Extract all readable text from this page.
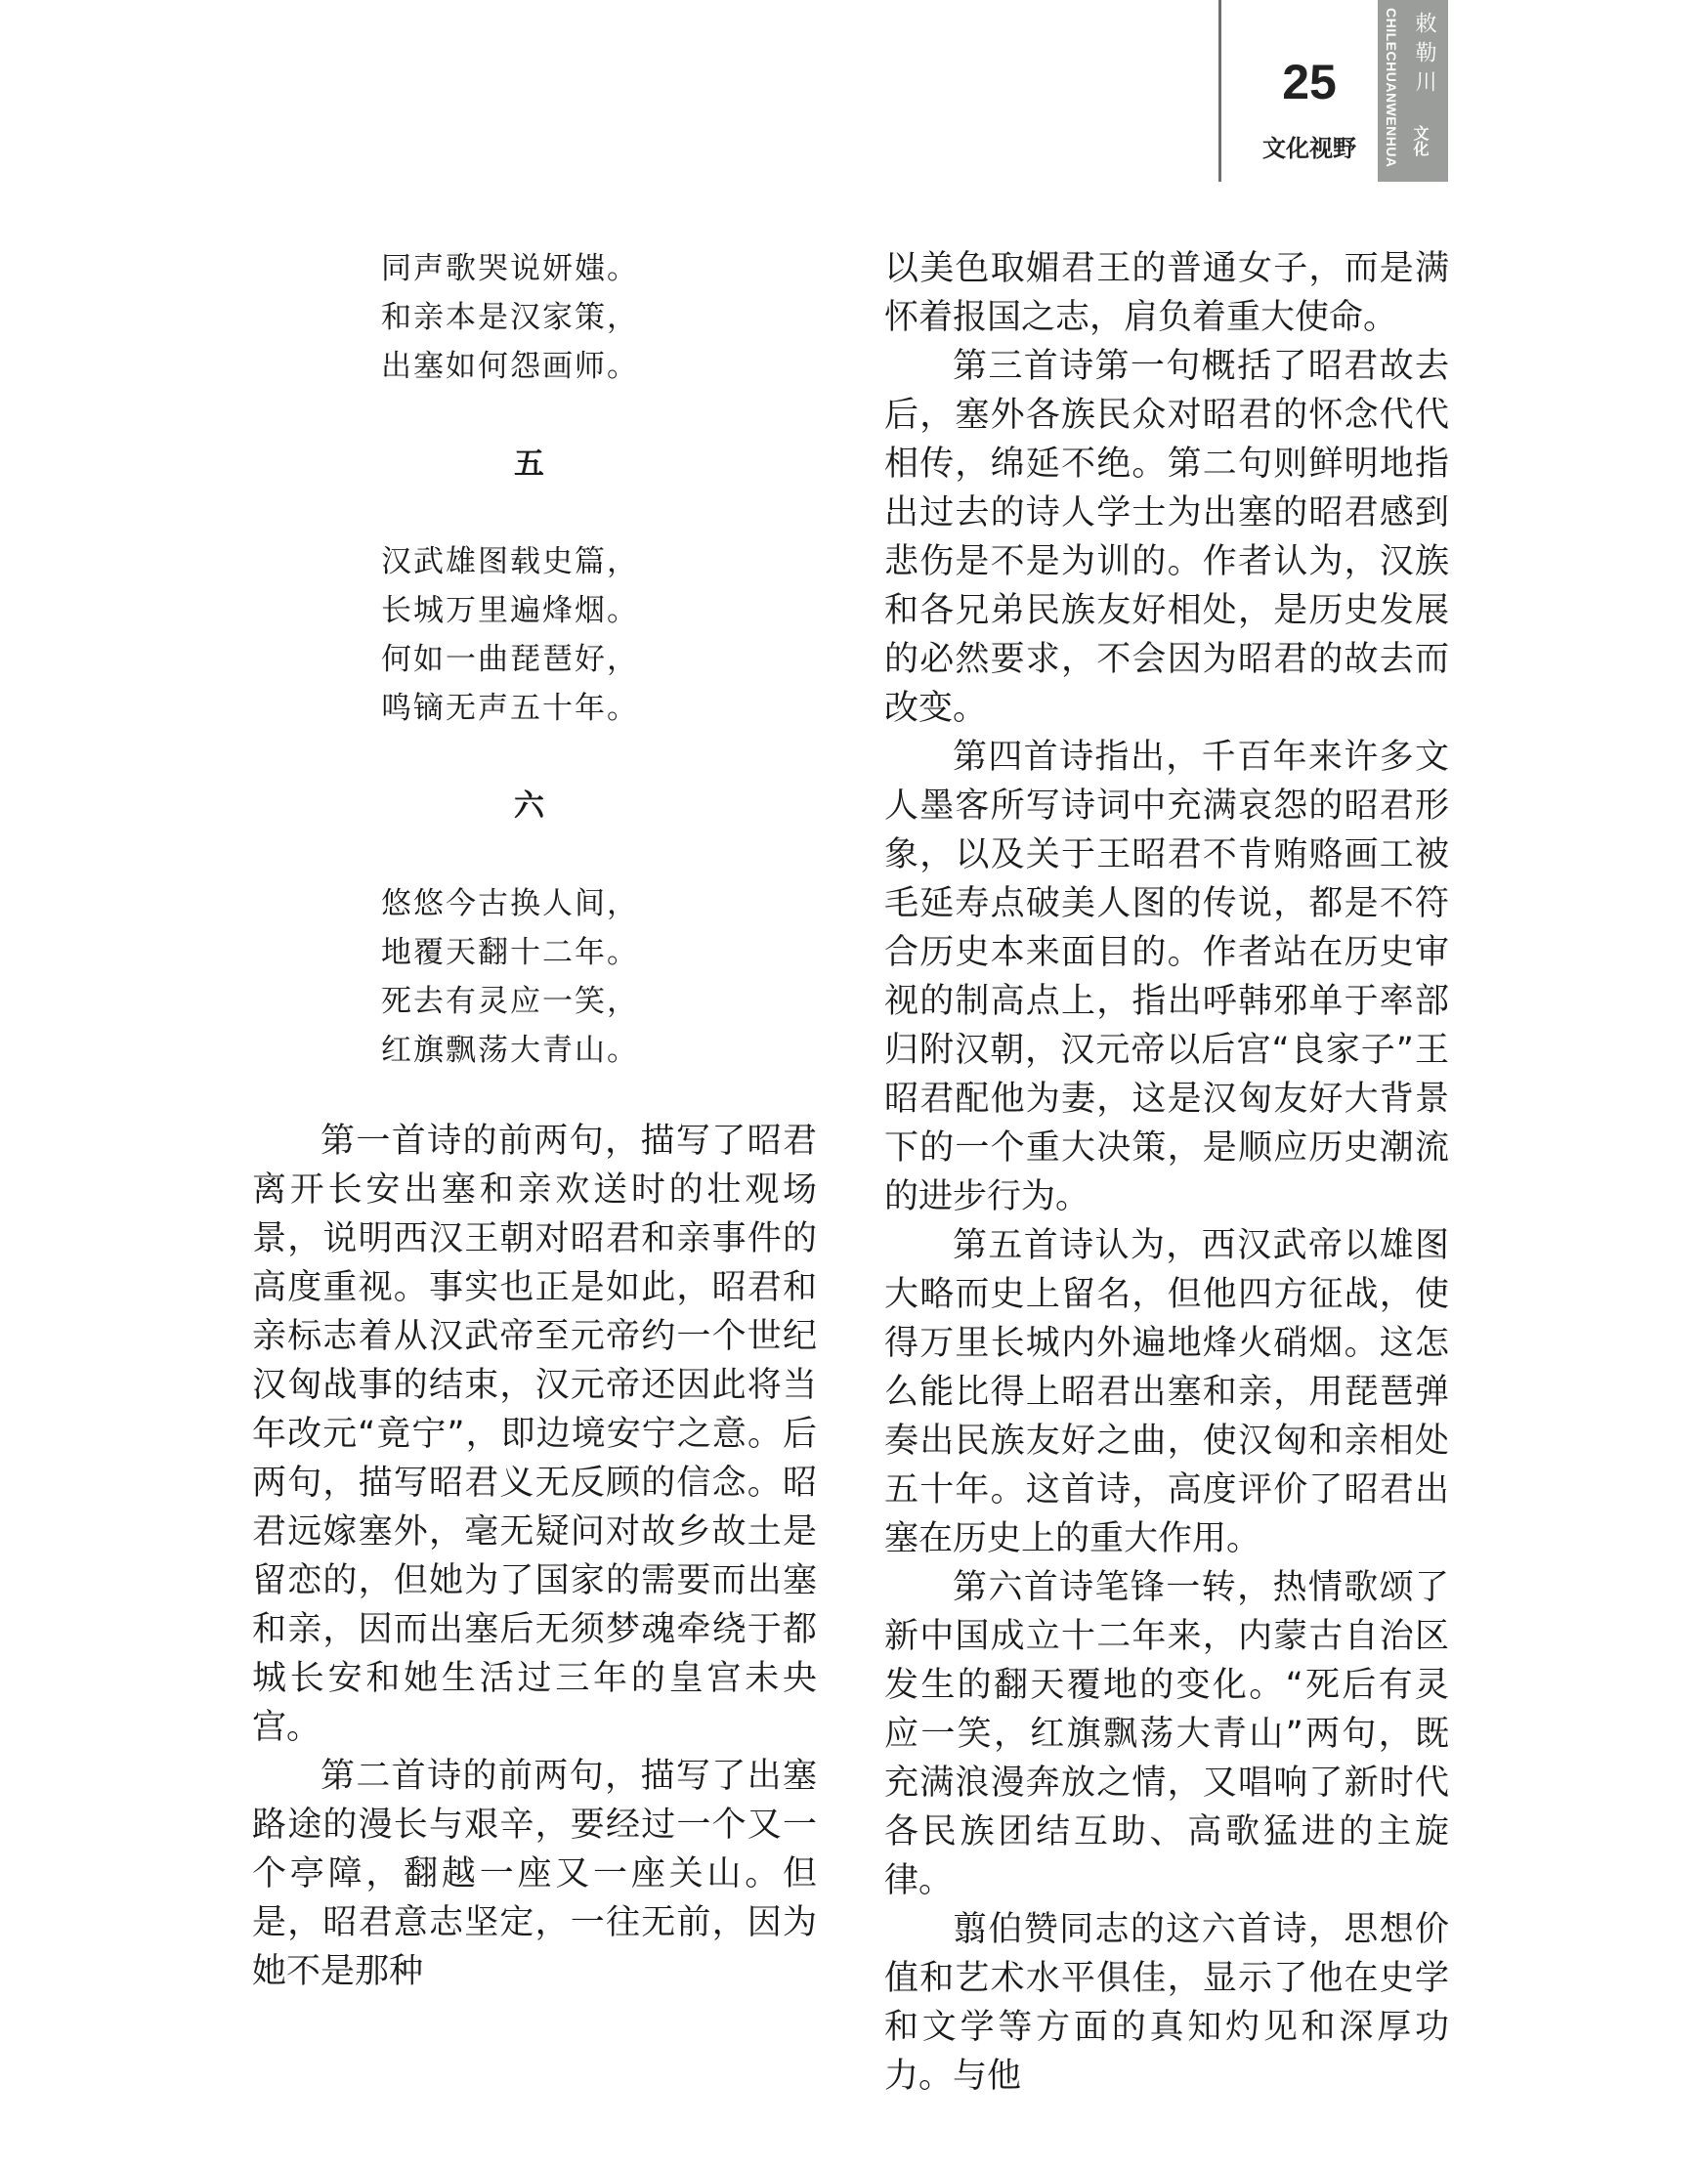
25
文化视野	CHILECHUANWENHUA 敕勒川
文化
同声歌哭说妍媸。
和亲本是汉家策，
出塞如何怨画师。
五
汉武雄图载史篇，
长城万里遍烽烟。
何如一曲琵琶好，
鸣镝无声五十年。
六
悠悠今古换人间，
地覆天翻十二年。
死去有灵应一笑，
红旗飘荡大青山。

第一首诗的前两句，描写了昭君离开长安出塞和亲欢送时的壮观场景，说明西汉王朝对昭君和亲事件的高度重视。事实也正是如此，昭君和亲标志着从汉武帝至元帝约一个世纪汉匈战事的结束，汉元帝还因此将当年改元“竟宁”，即边境安宁之意。后两句，描写昭君义无反顾的信念。昭君远嫁塞外，毫无疑问对故乡故土是留恋的，但她为了国家的需要而出塞和亲，因而出塞后无须梦魂牵绕于都城长安和她生活过三年的皇宫未央宫。

第二首诗的前两句，描写了出塞路途的漫长与艰辛，要经过一个又一个亭障，翻越一座又一座关山。但是，昭君意志坚定，一往无前，因为她不是那种

以美色取媚君王的普通女子，而是满怀着报国之志，肩负着重大使命。

第三首诗第一句概括了昭君故去后，塞外各族民众对昭君的怀念代代相传，绵延不绝。第二句则鲜明地指出过去的诗人学士为出塞的昭君感到悲伤是不是为训的。作者认为，汉族和各兄弟民族友好相处，是历史发展的必然要求，不会因为昭君的故去而改变。

第四首诗指出，千百年来许多文人墨客所写诗词中充满哀怨的昭君形象，以及关于王昭君不肯贿赂画工被毛延寿点破美人图的传说，都是不符合历史本来面目的。作者站在历史审视的制高点上，指出呼韩邪单于率部归附汉朝，汉元帝以后宫“良家子”王昭君配他为妻，这是汉匈友好大背景下的一个重大决策，是顺应历史潮流的进步行为。

第五首诗认为，西汉武帝以雄图大略而史上留名，但他四方征战，使得万里长城内外遍地烽火硝烟。这怎么能比得上昭君出塞和亲，用琵琶弹奏出民族友好之曲，使汉匈和亲相处五十年。这首诗，高度评价了昭君出塞在历史上的重大作用。

第六首诗笔锋一转，热情歌颂了新中国成立十二年来，内蒙古自治区发生的翻天覆地的变化。“死后有灵应一笑，红旗飘荡大青山”两句，既充满浪漫奔放之情，又唱响了新时代各民族团结互助、高歌猛进的主旋律。

翦伯赞同志的这六首诗，思想价值和艺术水平俱佳，显示了他在史学和文学等方面的真知灼见和深厚功力。与他
